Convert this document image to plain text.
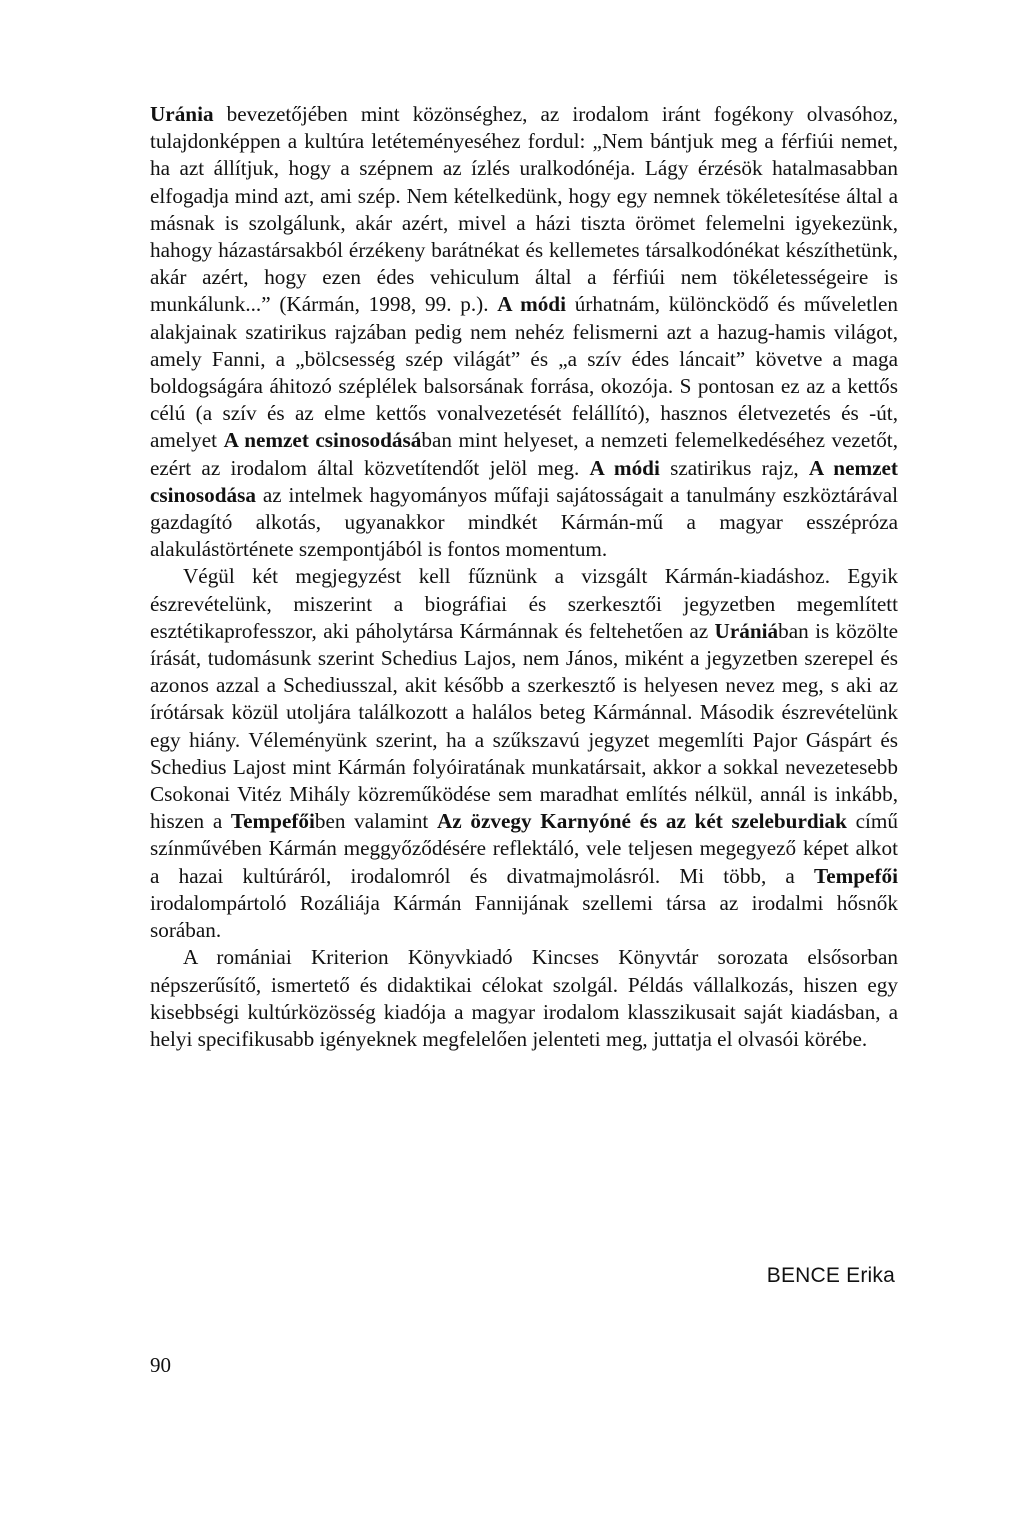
Uránia bevezetőjében mint közönséghez, az irodalom iránt fogékony olvasóhoz, tulajdonképpen a kultúra letéteményeséhez fordul: „Nem bántjuk meg a férfiúi nemet, ha azt állítjuk, hogy a szépnem az ízlés uralkodónéja. Lágy érzésök hatalmasabban elfogadja mind azt, ami szép. Nem kételkedünk, hogy egy nemnek tökéletesítése által a másnak is szolgálunk, akár azért, mivel a házi tiszta örömet felemelni igyekezünk, hahogy házastársakból érzékeny barátnékat és kellemetes társalkodónékat készíthetünk, akár azért, hogy ezen édes vehiculum által a férfiúi nem tökéletességeire is munkálunk...” (Kármán, 1998, 99. p.). A módi úrhatnám, különcködő és műveletlen alakjainak szatirikus rajzában pedig nem nehéz felismerni azt a hazug-hamis világot, amely Fanni, a „bölcsesség szép világát” és „a szív édes láncait” követve a maga boldogságára áhitozó széplélek balsorsának forrása, okozója. S pontosan ez az a kettős célú (a szív és az elme kettős vonalvezetését felállító), hasznos életvezetés és -út, amelyet A nemzet csinosodásában mint helyeset, a nemzeti felemelkedéséhez vezetőt, ezért az irodalom által közvetítendőt jelöl meg. A módi szatirikus rajz, A nemzet csinosodása az intelmek hagyományos műfaji sajátosságait a tanulmány eszköztárával gazdagító alkotás, ugyanakkor mindkét Kármán-mű a magyar esszépróza alakulástörténete szempontjából is fontos momentum.

Végül két megjegyzést kell fűznünk a vizsgált Kármán-kiadáshoz. Egyik észrevételünk, miszerint a biográfiai és szerkesztői jegyzetben megemlített esztétikaprofesszor, aki páholytársa Kármánnak és feltehetően az Urániában is közölte írását, tudomásunk szerint Schedius Lajos, nem János, miként a jegyzetben szerepel és azonos azzal a Schediusszal, akit később a szerkesztő is helyesen nevez meg, s aki az írótársak közül utoljára találkozott a halálos beteg Kármánnal. Második észrevételünk egy hiány. Véleményünk szerint, ha a szűkszavú jegyzet megemlíti Pajor Gáspárt és Schedius Lajost mint Kármán folyóiratának munkatársait, akkor a sokkal nevezetesebb Csokonai Vitéz Mihály közreműködése sem maradhat említés nélkül, annál is inkább, hiszen a Tempefőiben valamint Az özvegy Karnyóné és az két szeleburdiak című színművében Kármán meggyőződésére reflektáló, vele teljesen megegyező képet alkot a hazai kultúráról, irodalomról és divatmajmolásról. Mi több, a Tempefői irodalompártoló Rozáliája Kármán Fannijának szellemi társa az irodalmi hősnők sorában.

A romániai Kriterion Könyvkiadó Kincses Könyvtár sorozata elsősorban népszerűsítő, ismertető és didaktikai célokat szolgál. Példás vállalkozás, hiszen egy kisebbségi kultúrközösség kiadója a magyar irodalom klasszikusait saját kiadásban, a helyi specifikusabb igényeknek megfelelően jelenteti meg, juttatja el olvasói körébe.

BENCE Erika
90
